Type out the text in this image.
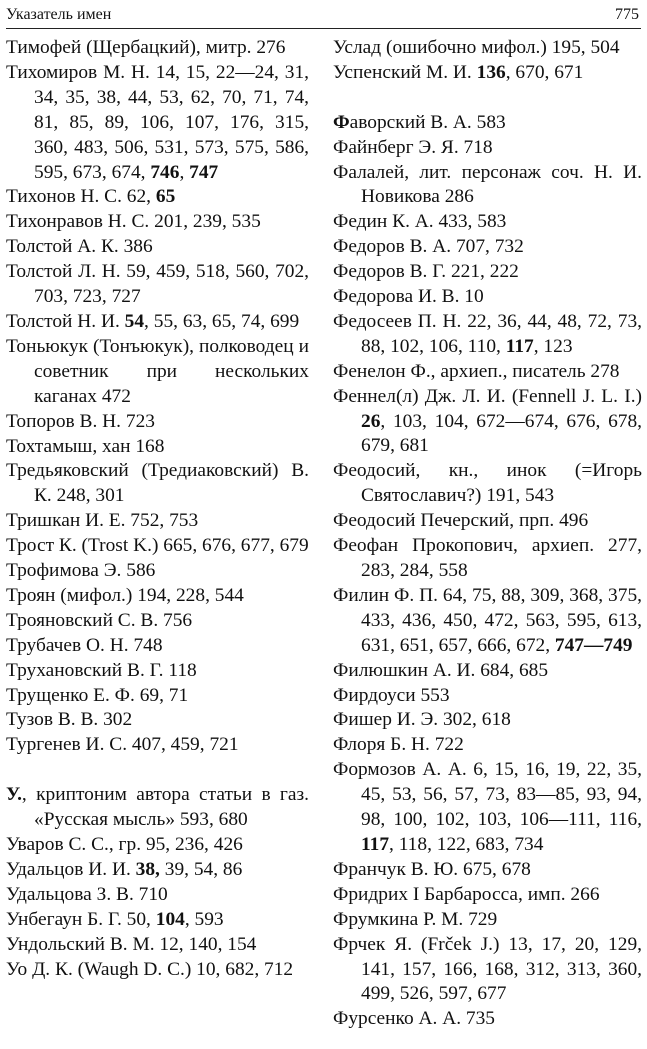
Указатель имен	775
Тимофей (Щербацкий), митр. 276
Тихомиров М. Н. 14, 15, 22—24, 31, 34, 35, 38, 44, 53, 62, 70, 71, 74, 81, 85, 89, 106, 107, 176, 315, 360, 483, 506, 531, 573, 575, 586, 595, 673, 674, 746, 747
Тихонов Н. С. 62, 65
Тихонравов Н. С. 201, 239, 535
Толстой А. К. 386
Толстой Л. Н. 59, 459, 518, 560, 702, 703, 723, 727
Толстой Н. И. 54, 55, 63, 65, 74, 699
Тоньюкук (Тонъюкук), полководец и советник при нескольких каганах 472
Топоров В. Н. 723
Тохтамыш, хан 168
Тредьяковский (Тредиаковский) В. К. 248, 301
Тришкан И. Е. 752, 753
Трост К. (Trost K.) 665, 676, 677, 679
Трофимова Э. 586
Троян (мифол.) 194, 228, 544
Трояновский С. В. 756
Трубачев О. Н. 748
Трухановский В. Г. 118
Трущенко Е. Ф. 69, 71
Тузов В. В. 302
Тургенев И. С. 407, 459, 721
У., криптоним автора статьи в газ. «Русская мысль» 593, 680
Уваров С. С., гр. 95, 236, 426
Удальцов И. И. 38, 39, 54, 86
Удальцова З. В. 710
Унбегаун Б. Г. 50, 104, 593
Ундольский В. М. 12, 140, 154
Уо Д. К. (Waugh D. C.) 10, 682, 712
Услад (ошибочно мифол.) 195, 504
Успенский М. И. 136, 670, 671
Фаворский В. А. 583
Файнберг Э. Я. 718
Фалалей, лит. персонаж соч. Н. И. Новикова 286
Федин К. А. 433, 583
Федоров В. А. 707, 732
Федоров В. Г. 221, 222
Федорова И. В. 10
Федосеев П. Н. 22, 36, 44, 48, 72, 73, 88, 102, 106, 110, 117, 123
Фенелон Ф., архиеп., писатель 278
Феннел(л) Дж. Л. И. (Fennell J. L. I.) 26, 103, 104, 672—674, 676, 678, 679, 681
Феодосий, кн., инок (=Игорь Святославич?) 191, 543
Феодосий Печерский, прп. 496
Феофан Прокопович, архиеп. 277, 283, 284, 558
Филин Ф. П. 64, 75, 88, 309, 368, 375, 433, 436, 450, 472, 563, 595, 613, 631, 651, 657, 666, 672, 747—749
Филюшкин А. И. 684, 685
Фирдоуси 553
Фишер И. Э. 302, 618
Флоря Б. Н. 722
Формозов А. А. 6, 15, 16, 19, 22, 35, 45, 53, 56, 57, 73, 83—85, 93, 94, 98, 100, 102, 103, 106—111, 116, 117, 118, 122, 683, 734
Франчук В. Ю. 675, 678
Фридрих I Барбаросса, имп. 266
Фрумкина Р. М. 729
Фрчек Я. (Frček J.) 13, 17, 20, 129, 141, 157, 166, 168, 312, 313, 360, 499, 526, 597, 677
Фурсенко А. А. 735
